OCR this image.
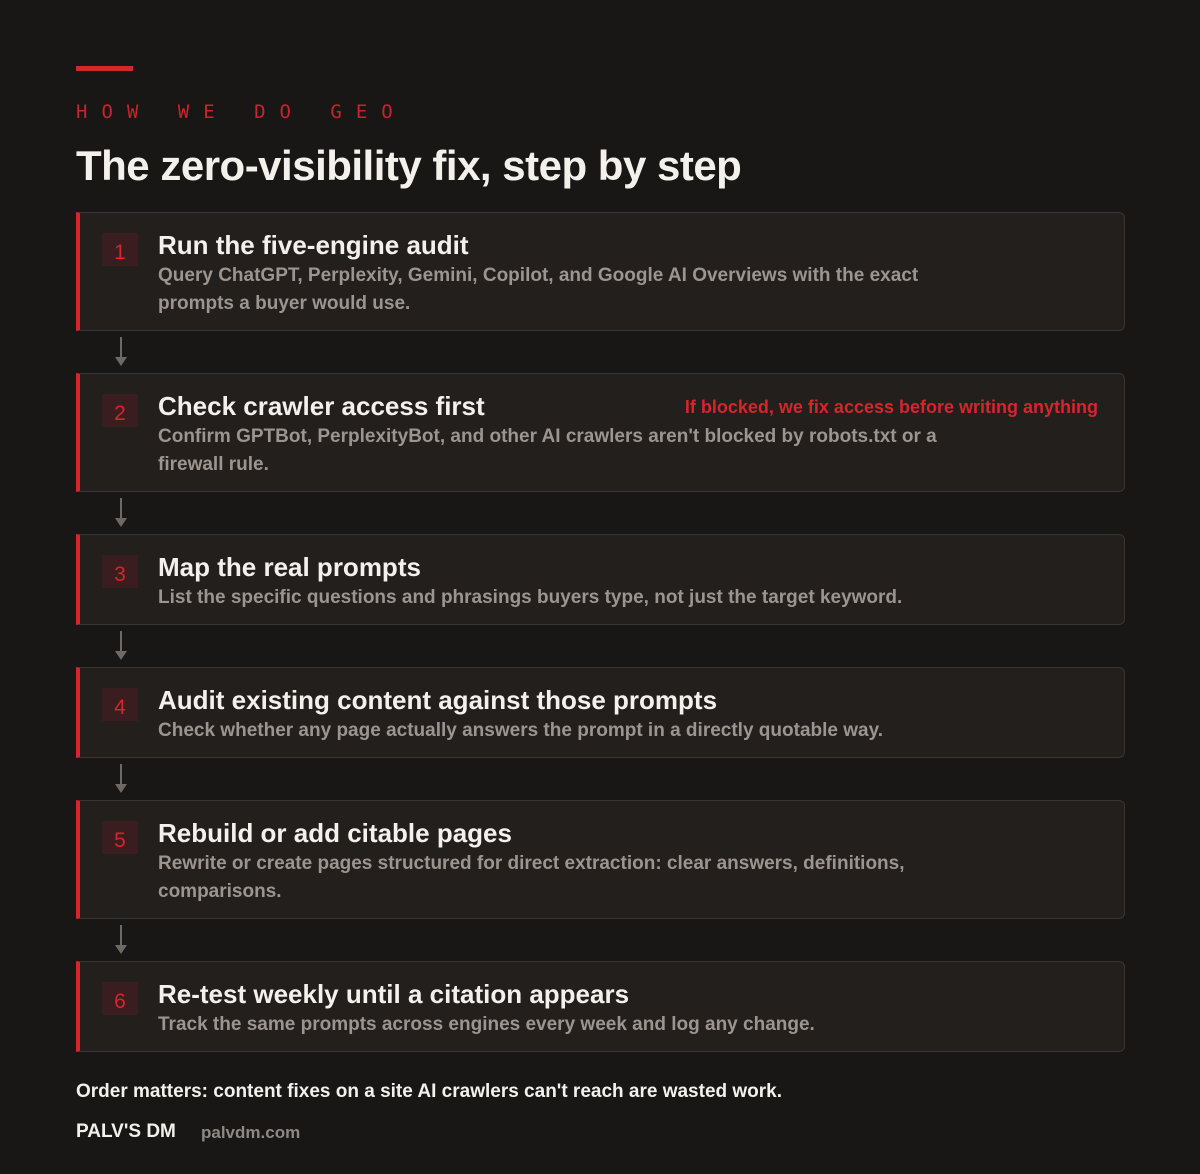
HOW WE DO GEO
The zero-visibility fix, step by step
1	Run the five-engine audit
Query ChatGPT, Perplexity, Gemini, Copilot, and Google AI Overviews with the exact prompts a buyer would use.
2	Check crawler access first	If blocked, we fix access before writing anything
Confirm GPTBot, PerplexityBot, and other AI crawlers aren't blocked by robots.txt or a firewall rule.
3	Map the real prompts
List the specific questions and phrasings buyers type, not just the target keyword.
4	Audit existing content against those prompts
Check whether any page actually answers the prompt in a directly quotable way.
5	Rebuild or add citable pages
Rewrite or create pages structured for direct extraction: clear answers, definitions, comparisons.
6	Re-test weekly until a citation appears
Track the same prompts across engines every week and log any change.
Order matters: content fixes on a site AI crawlers can't reach are wasted work.
PALV'S DM palvdm.com
